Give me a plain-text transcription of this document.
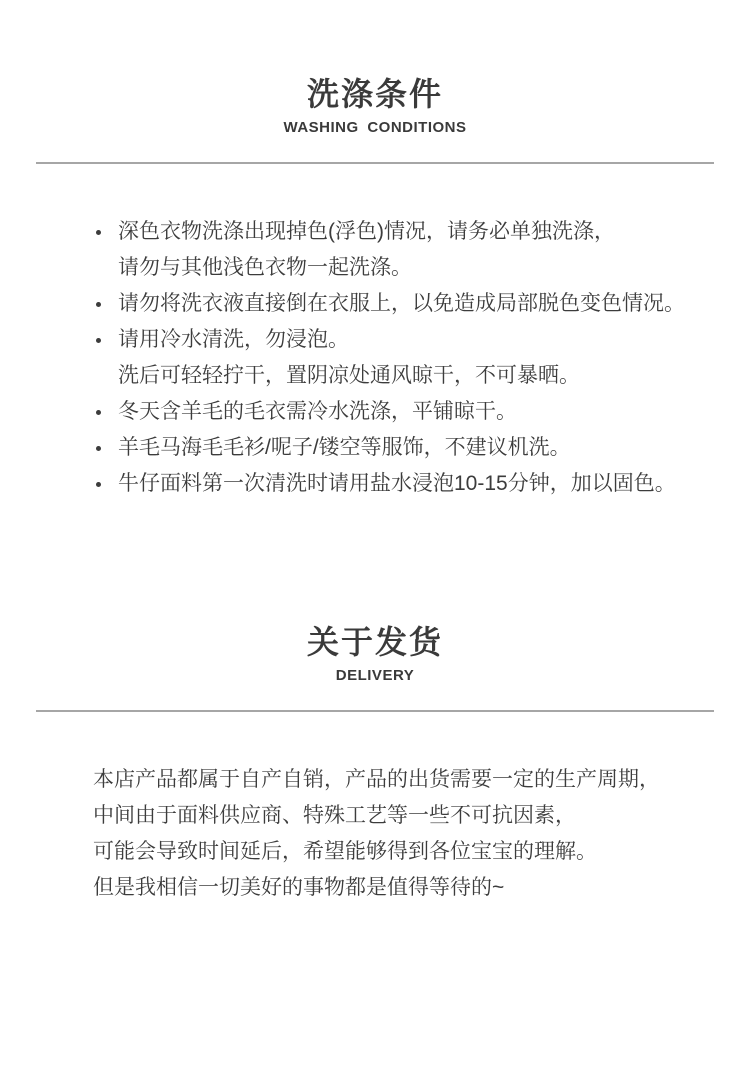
洗涤条件
WASHING CONDITIONS
深色衣物洗涤出现掉色(浮色)情况，请务必单独洗涤，
请勿与其他浅色衣物一起洗涤。
请勿将洗衣液直接倒在衣服上，以免造成局部脱色变色情况。
请用冷水清洗，勿浸泡。
洗后可轻轻拧干，置阴凉处通风晾干，不可暴晒。
冬天含羊毛的毛衣需冷水洗涤，平铺晾干。
羊毛马海毛毛衫/呢子/镂空等服饰，不建议机洗。
牛仔面料第一次清洗时请用盐水浸泡10-15分钟，加以固色。
关于发货
DELIVERY
本店产品都属于自产自销，产品的出货需要一定的生产周期，
中间由于面料供应商、特殊工艺等一些不可抗因素，
可能会导致时间延后，希望能够得到各位宝宝的理解。
但是我相信一切美好的事物都是值得等待的~
